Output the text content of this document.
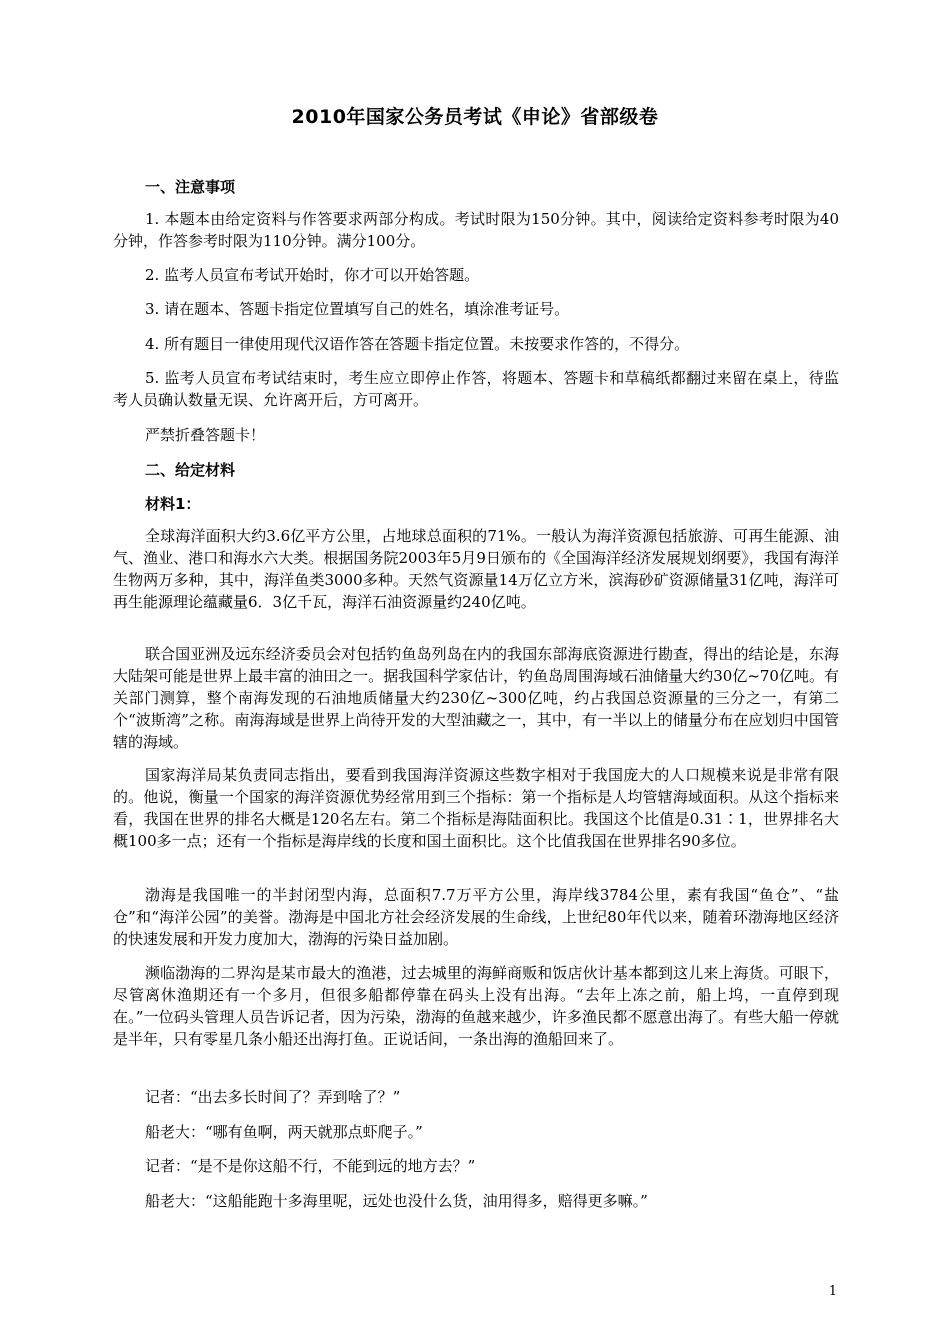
2010年国家公务员考试《申论》省部级卷
一、注意事项
1. 本题本由给定资料与作答要求两部分构成。考试时限为150分钟。其中，阅读给定资料参考时限为40分钟，作答参考时限为110分钟。满分100分。
2. 监考人员宣布考试开始时，你才可以开始答题。
3. 请在题本、答题卡指定位置填写自己的姓名，填涂准考证号。
4. 所有题目一律使用现代汉语作答在答题卡指定位置。未按要求作答的，不得分。
5. 监考人员宣布考试结束时，考生应立即停止作答，将题本、答题卡和草稿纸都翻过来留在桌上，待监考人员确认数量无误、允许离开后，方可离开。
严禁折叠答题卡！
二、给定材料
材料1：
全球海洋面积大约3.6亿平方公里，占地球总面积的71%。一般认为海洋资源包括旅游、可再生能源、油气、渔业、港口和海水六大类。根据国务院2003年5月9日颁布的《全国海洋经济发展规划纲要》，我国有海洋生物两万多种，其中，海洋鱼类3000多种。天然气资源量14万亿立方米，滨海砂矿资源储量31亿吨，海洋可再生能源理论蕴藏量6．3亿千瓦，海洋石油资源量约240亿吨。
联合国亚洲及远东经济委员会对包括钓鱼岛列岛在内的我国东部海底资源进行勘查，得出的结论是，东海大陆架可能是世界上最丰富的油田之一。据我国科学家估计，钓鱼岛周围海域石油储量大约30亿~70亿吨。有关部门测算，整个南海发现的石油地质储量大约230亿~300亿吨，约占我国总资源量的三分之一，有第二个“波斯湾”之称。南海海域是世界上尚待开发的大型油藏之一，其中，有一半以上的储量分布在应划归中国管辖的海域。
国家海洋局某负责同志指出，要看到我国海洋资源这些数字相对于我国庞大的人口规模来说是非常有限的。他说，衡量一个国家的海洋资源优势经常用到三个指标：第一个指标是人均管辖海域面积。从这个指标来看，我国在世界的排名大概是120名左右。第二个指标是海陆面积比。我国这个比值是0.31∶1，世界排名大概100多一点；还有一个指标是海岸线的长度和国土面积比。这个比值我国在世界排名90多位。
渤海是我国唯一的半封闭型内海，总面积7.7万平方公里，海岸线3784公里，素有我国“鱼仓”、“盐仓”和“海洋公园”的美誉。渤海是中国北方社会经济发展的生命线，上世纪80年代以来，随着环渤海地区经济的快速发展和开发力度加大，渤海的污染日益加剧。
濒临渤海的二界沟是某市最大的渔港，过去城里的海鲜商贩和饭店伙计基本都到这儿来上海货。可眼下，尽管离休渔期还有一个多月，但很多船都停靠在码头上没有出海。“去年上冻之前，船上坞，一直停到现在。”一位码头管理人员告诉记者，因为污染，渤海的鱼越来越少，许多渔民都不愿意出海了。有些大船一停就是半年，只有零星几条小船还出海打鱼。正说话间，一条出海的渔船回来了。
记者：“出去多长时间了？弄到啥了？”
船老大：“哪有鱼啊，两天就那点虾爬子。”
记者：“是不是你这船不行，不能到远的地方去？”
船老大：“这船能跑十多海里呢，远处也没什么货，油用得多，赔得更多嘛。”
1
